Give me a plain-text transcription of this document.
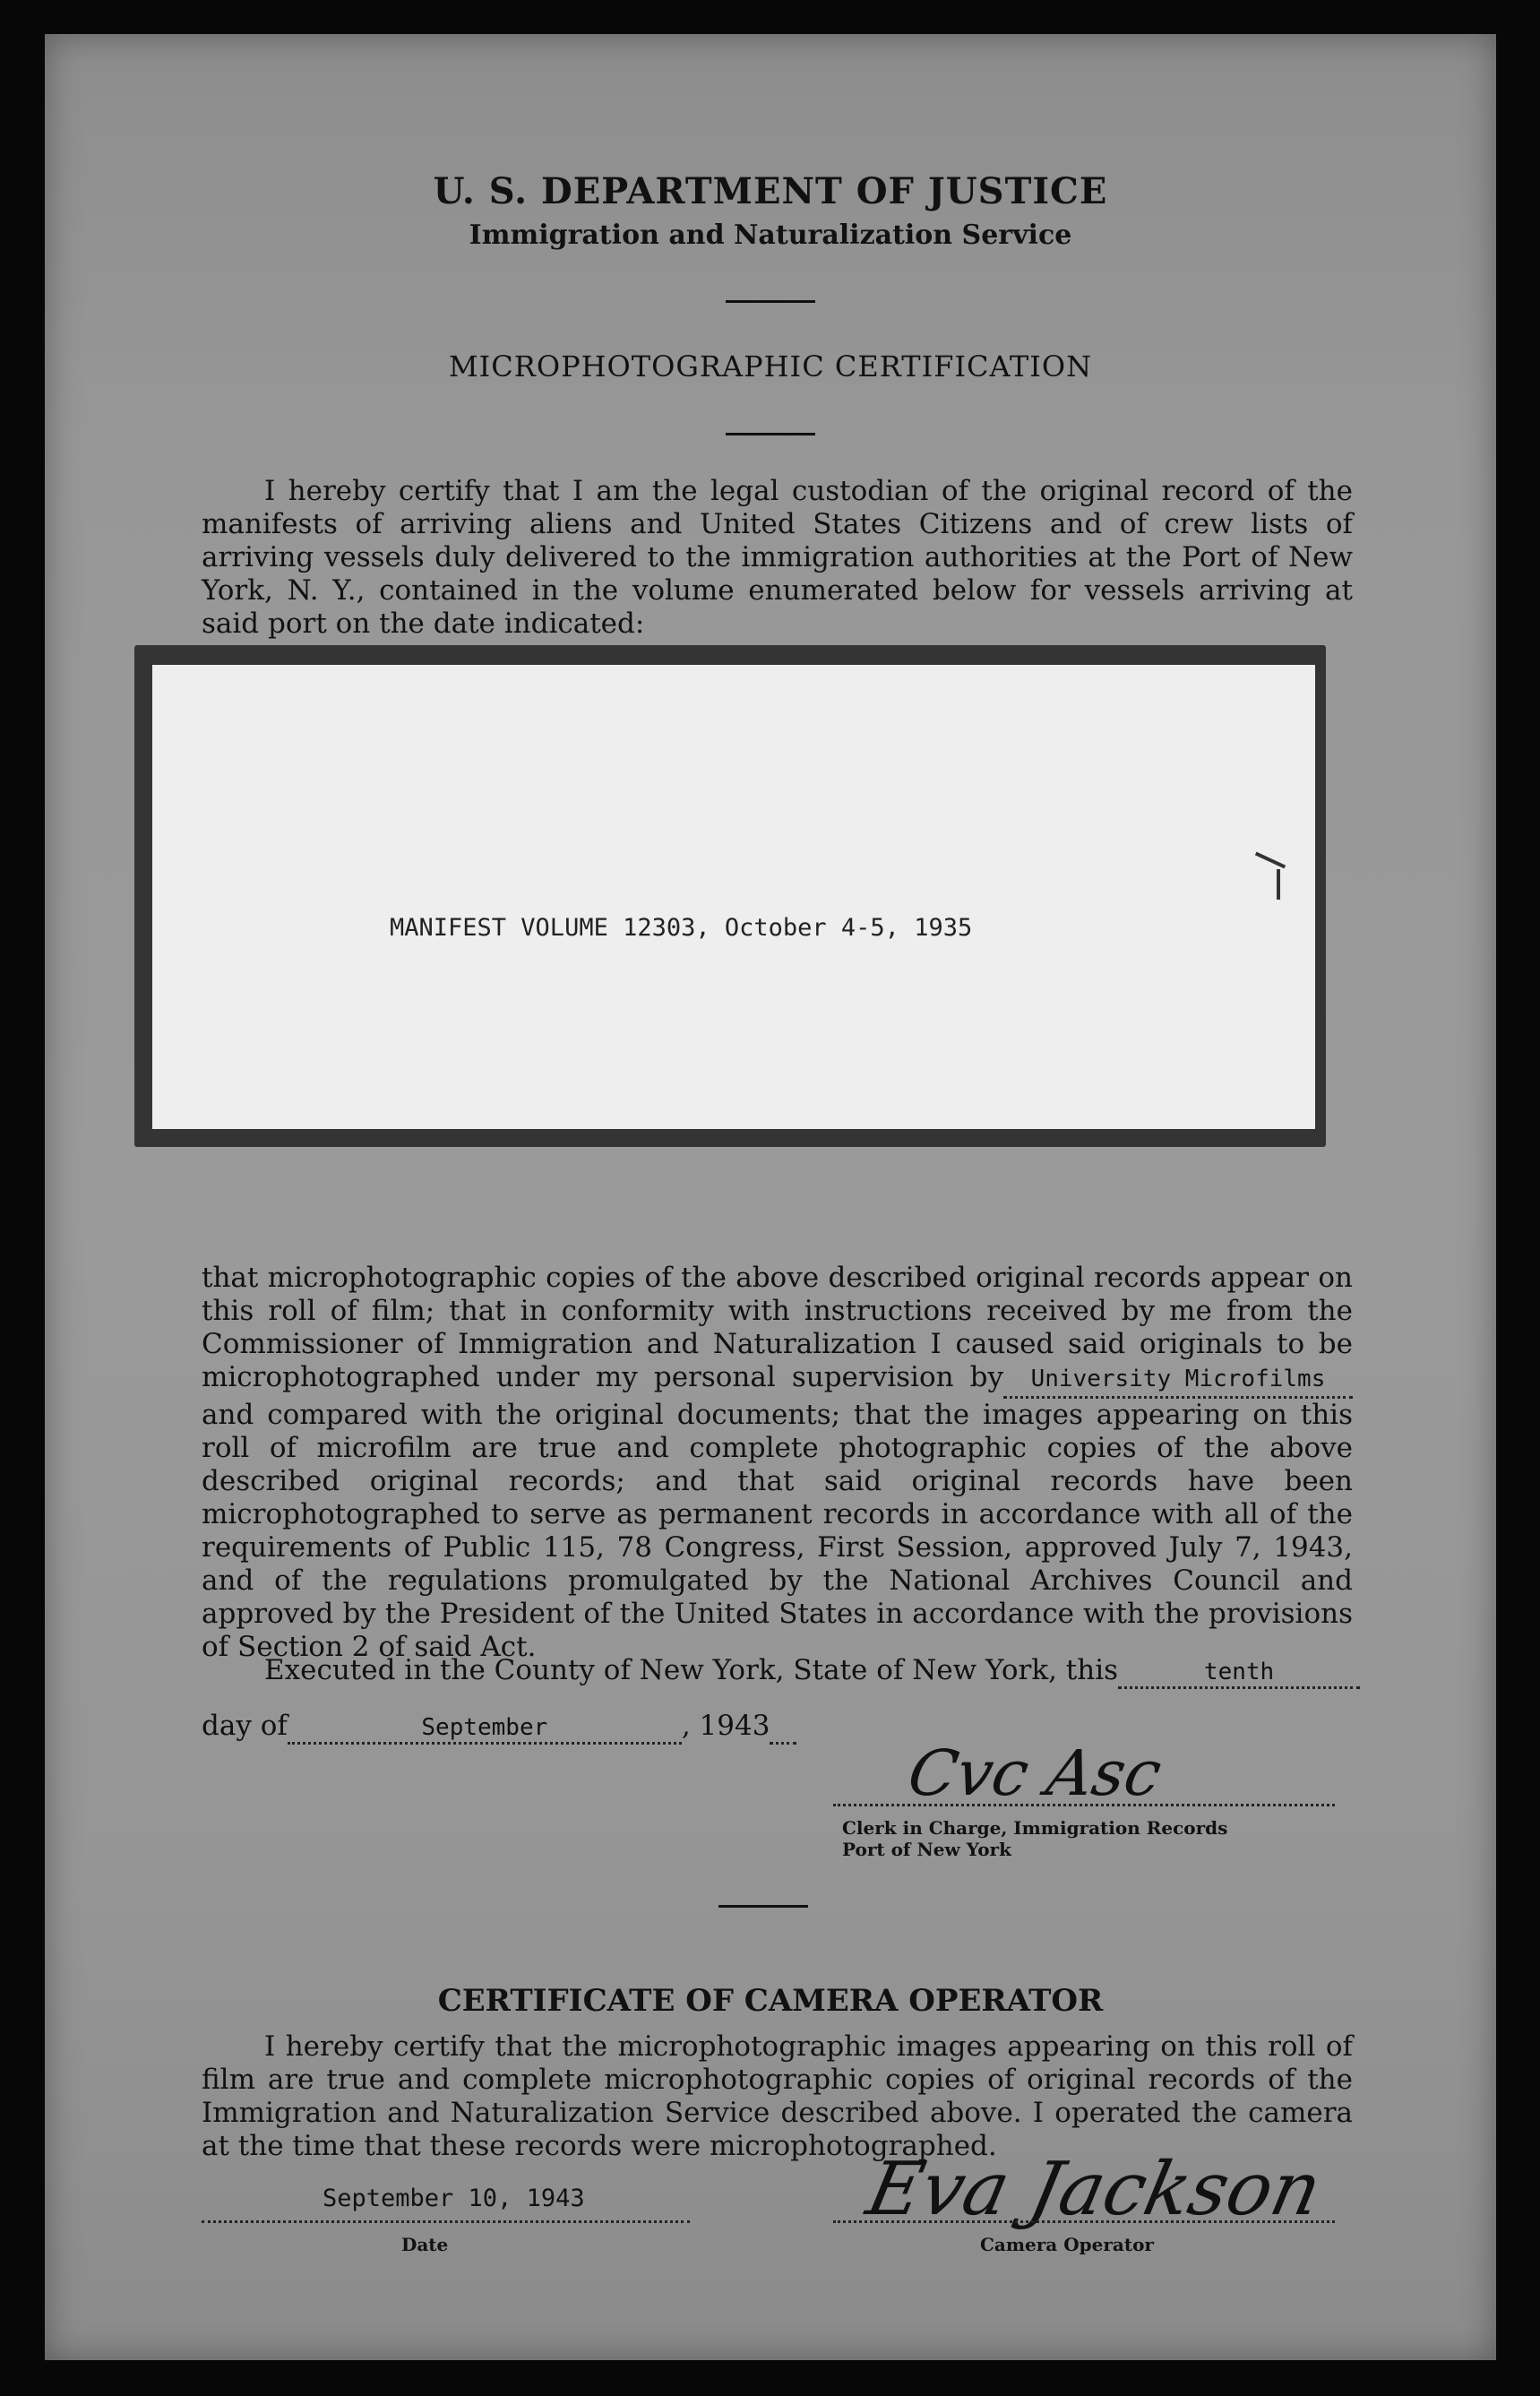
U. S. DEPARTMENT OF JUSTICE
Immigration and Naturalization Service
MICROPHOTOGRAPHIC CERTIFICATION
I hereby certify that I am the legal custodian of the original record of the manifests of arriving aliens and United States Citizens and of crew lists of arriving vessels duly delivered to the immigration authorities at the Port of New York, N. Y., contained in the volume enumerated below for vessels arriving at said port on the date indicated:
that microphotographic copies of the above described original records appear on this roll of film; that in conformity with instructions received by me from the Commissioner of Immigration and Naturalization I caused said originals to be microphotographed under my personal supervision by University Microfilms and compared with the original documents; that the images appearing on this roll of microfilm are true and complete photographic copies of the above described original records; and that said original records have been microphotographed to serve as permanent records in accordance with all of the requirements of Public 115, 78 Congress, First Session, approved July 7, 1943, and of the regulations promulgated by the National Archives Council and approved by the President of the United States in accordance with the provisions of Section 2 of said Act.
Executed in the County of New York, State of New York, this	tenth
day of	September	, 1943
Cvc Asc
Clerk in Charge, Immigration Records
Port of New York
CERTIFICATE OF CAMERA OPERATOR
I hereby certify that the microphotographic images appearing on this roll of film are true and complete microphotographic copies of original records of the Immigration and Naturalization Service described above. I operated the camera at the time that these records were microphotographed.
September 10, 1943
Date
Eva Jackson
Camera Operator
MANIFEST VOLUME 12303, October 4-5, 1935
